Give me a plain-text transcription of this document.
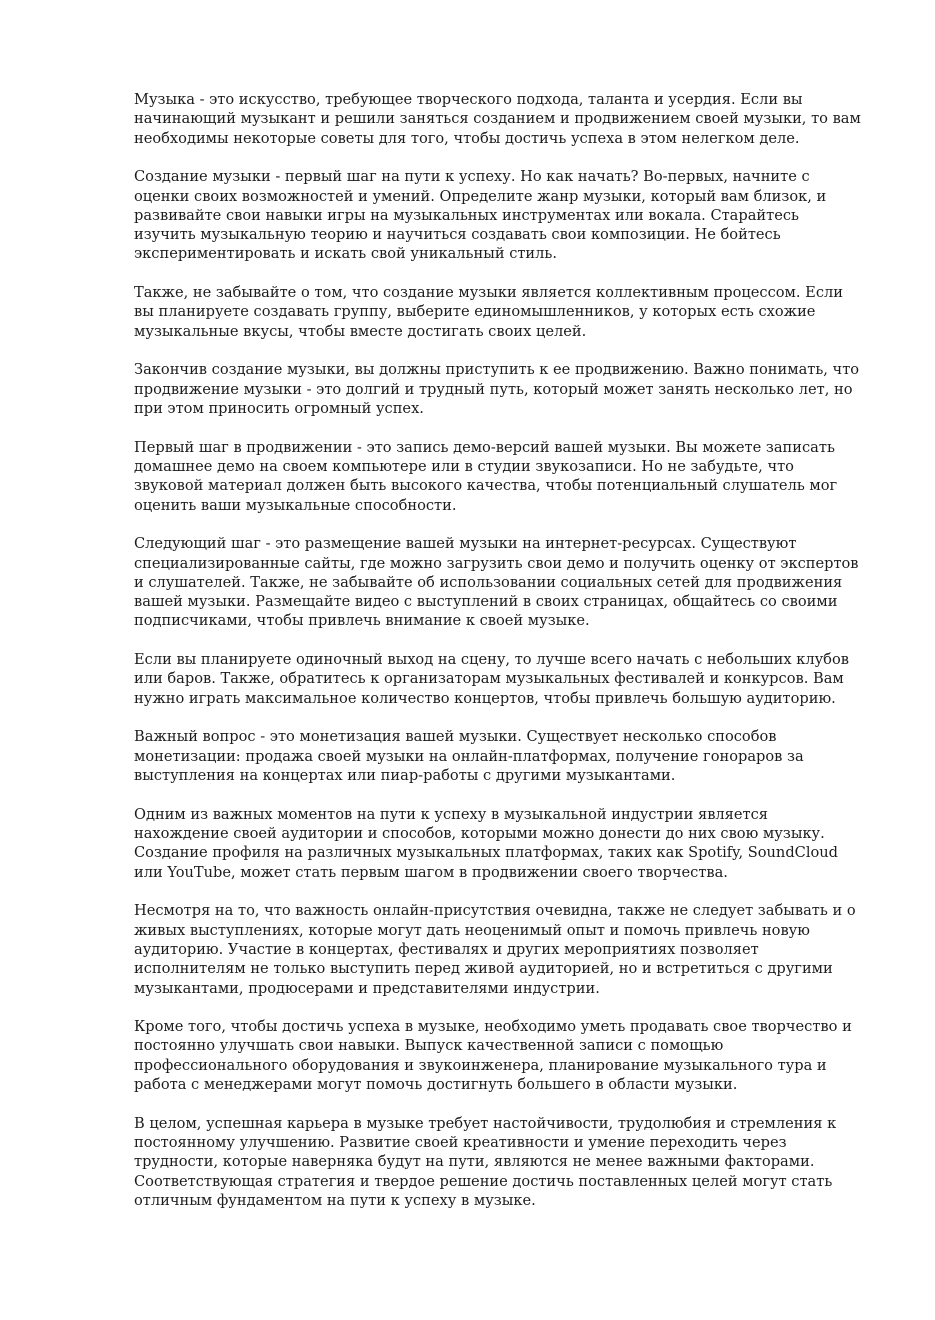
Музыка - это искусство, требующее творческого подхода, таланта и усердия. Если вы начинающий музыкант и решили заняться созданием и продвижением своей музыки, то вам необходимы некоторые советы для того, чтобы достичь успеха в этом нелегком деле.

Создание музыки - первый шаг на пути к успеху. Но как начать? Во-первых, начните с оценки своих возможностей и умений. Определите жанр музыки, который вам близок, и развивайте свои навыки игры на музыкальных инструментах или вокала. Старайтесь изучить музыкальную теорию и научиться создавать свои композиции. Не бойтесь экспериментировать и искать свой уникальный стиль.

Также, не забывайте о том, что создание музыки является коллективным процессом. Если вы планируете создавать группу, выберите единомышленников, у которых есть схожие музыкальные вкусы, чтобы вместе достигать своих целей.

Закончив создание музыки, вы должны приступить к ее продвижению. Важно понимать, что продвижение музыки - это долгий и трудный путь, который может занять несколько лет, но при этом приносить огромный успех.

Первый шаг в продвижении - это запись демо-версий вашей музыки. Вы можете записать домашнее демо на своем компьютере или в студии звукозаписи. Но не забудьте, что звуковой материал должен быть высокого качества, чтобы потенциальный слушатель мог оценить ваши музыкальные способности.

Следующий шаг - это размещение вашей музыки на интернет-ресурсах. Существуют специализированные сайты, где можно загрузить свои демо и получить оценку от экспертов и слушателей. Также, не забывайте об использовании социальных сетей для продвижения вашей музыки. Размещайте видео с выступлений в своих страницах, общайтесь со своими подписчиками, чтобы привлечь внимание к своей музыке.

Если вы планируете одиночный выход на сцену, то лучше всего начать с небольших клубов или баров. Также, обратитесь к организаторам музыкальных фестивалей и конкурсов. Вам нужно играть максимальное количество концертов, чтобы привлечь большую аудиторию.

Важный вопрос - это монетизация вашей музыки. Существует несколько способов монетизации: продажа своей музыки на онлайн-платформах, получение гонораров за выступления на концертах или пиар-работы с другими музыкантами.

Одним из важных моментов на пути к успеху в музыкальной индустрии является нахождение своей аудитории и способов, которыми можно донести до них свою музыку. Создание профиля на различных музыкальных платформах, таких как Spotify, SoundCloud или YouTube, может стать первым шагом в продвижении своего творчества.

Несмотря на то, что важность онлайн-присутствия очевидна, также не следует забывать и о живых выступлениях, которые могут дать неоценимый опыт и помочь привлечь новую аудиторию. Участие в концертах, фестивалях и других мероприятиях позволяет исполнителям не только выступить перед живой аудиторией, но и встретиться с другими музыкантами, продюсерами и представителями индустрии.

Кроме того, чтобы достичь успеха в музыке, необходимо уметь продавать свое творчество и постоянно улучшать свои навыки. Выпуск качественной записи с помощью профессионального оборудования и звукоинженера, планирование музыкального тура и работа с менеджерами могут помочь достигнуть большего в области музыки.

В целом, успешная карьера в музыке требует настойчивости, трудолюбия и стремления к постоянному улучшению. Развитие своей креативности и умение переходить через трудности, которые наверняка будут на пути, являются не менее важными факторами. Соответствующая стратегия и твердое решение достичь поставленных целей могут стать отличным фундаментом на пути к успеху в музыке.
